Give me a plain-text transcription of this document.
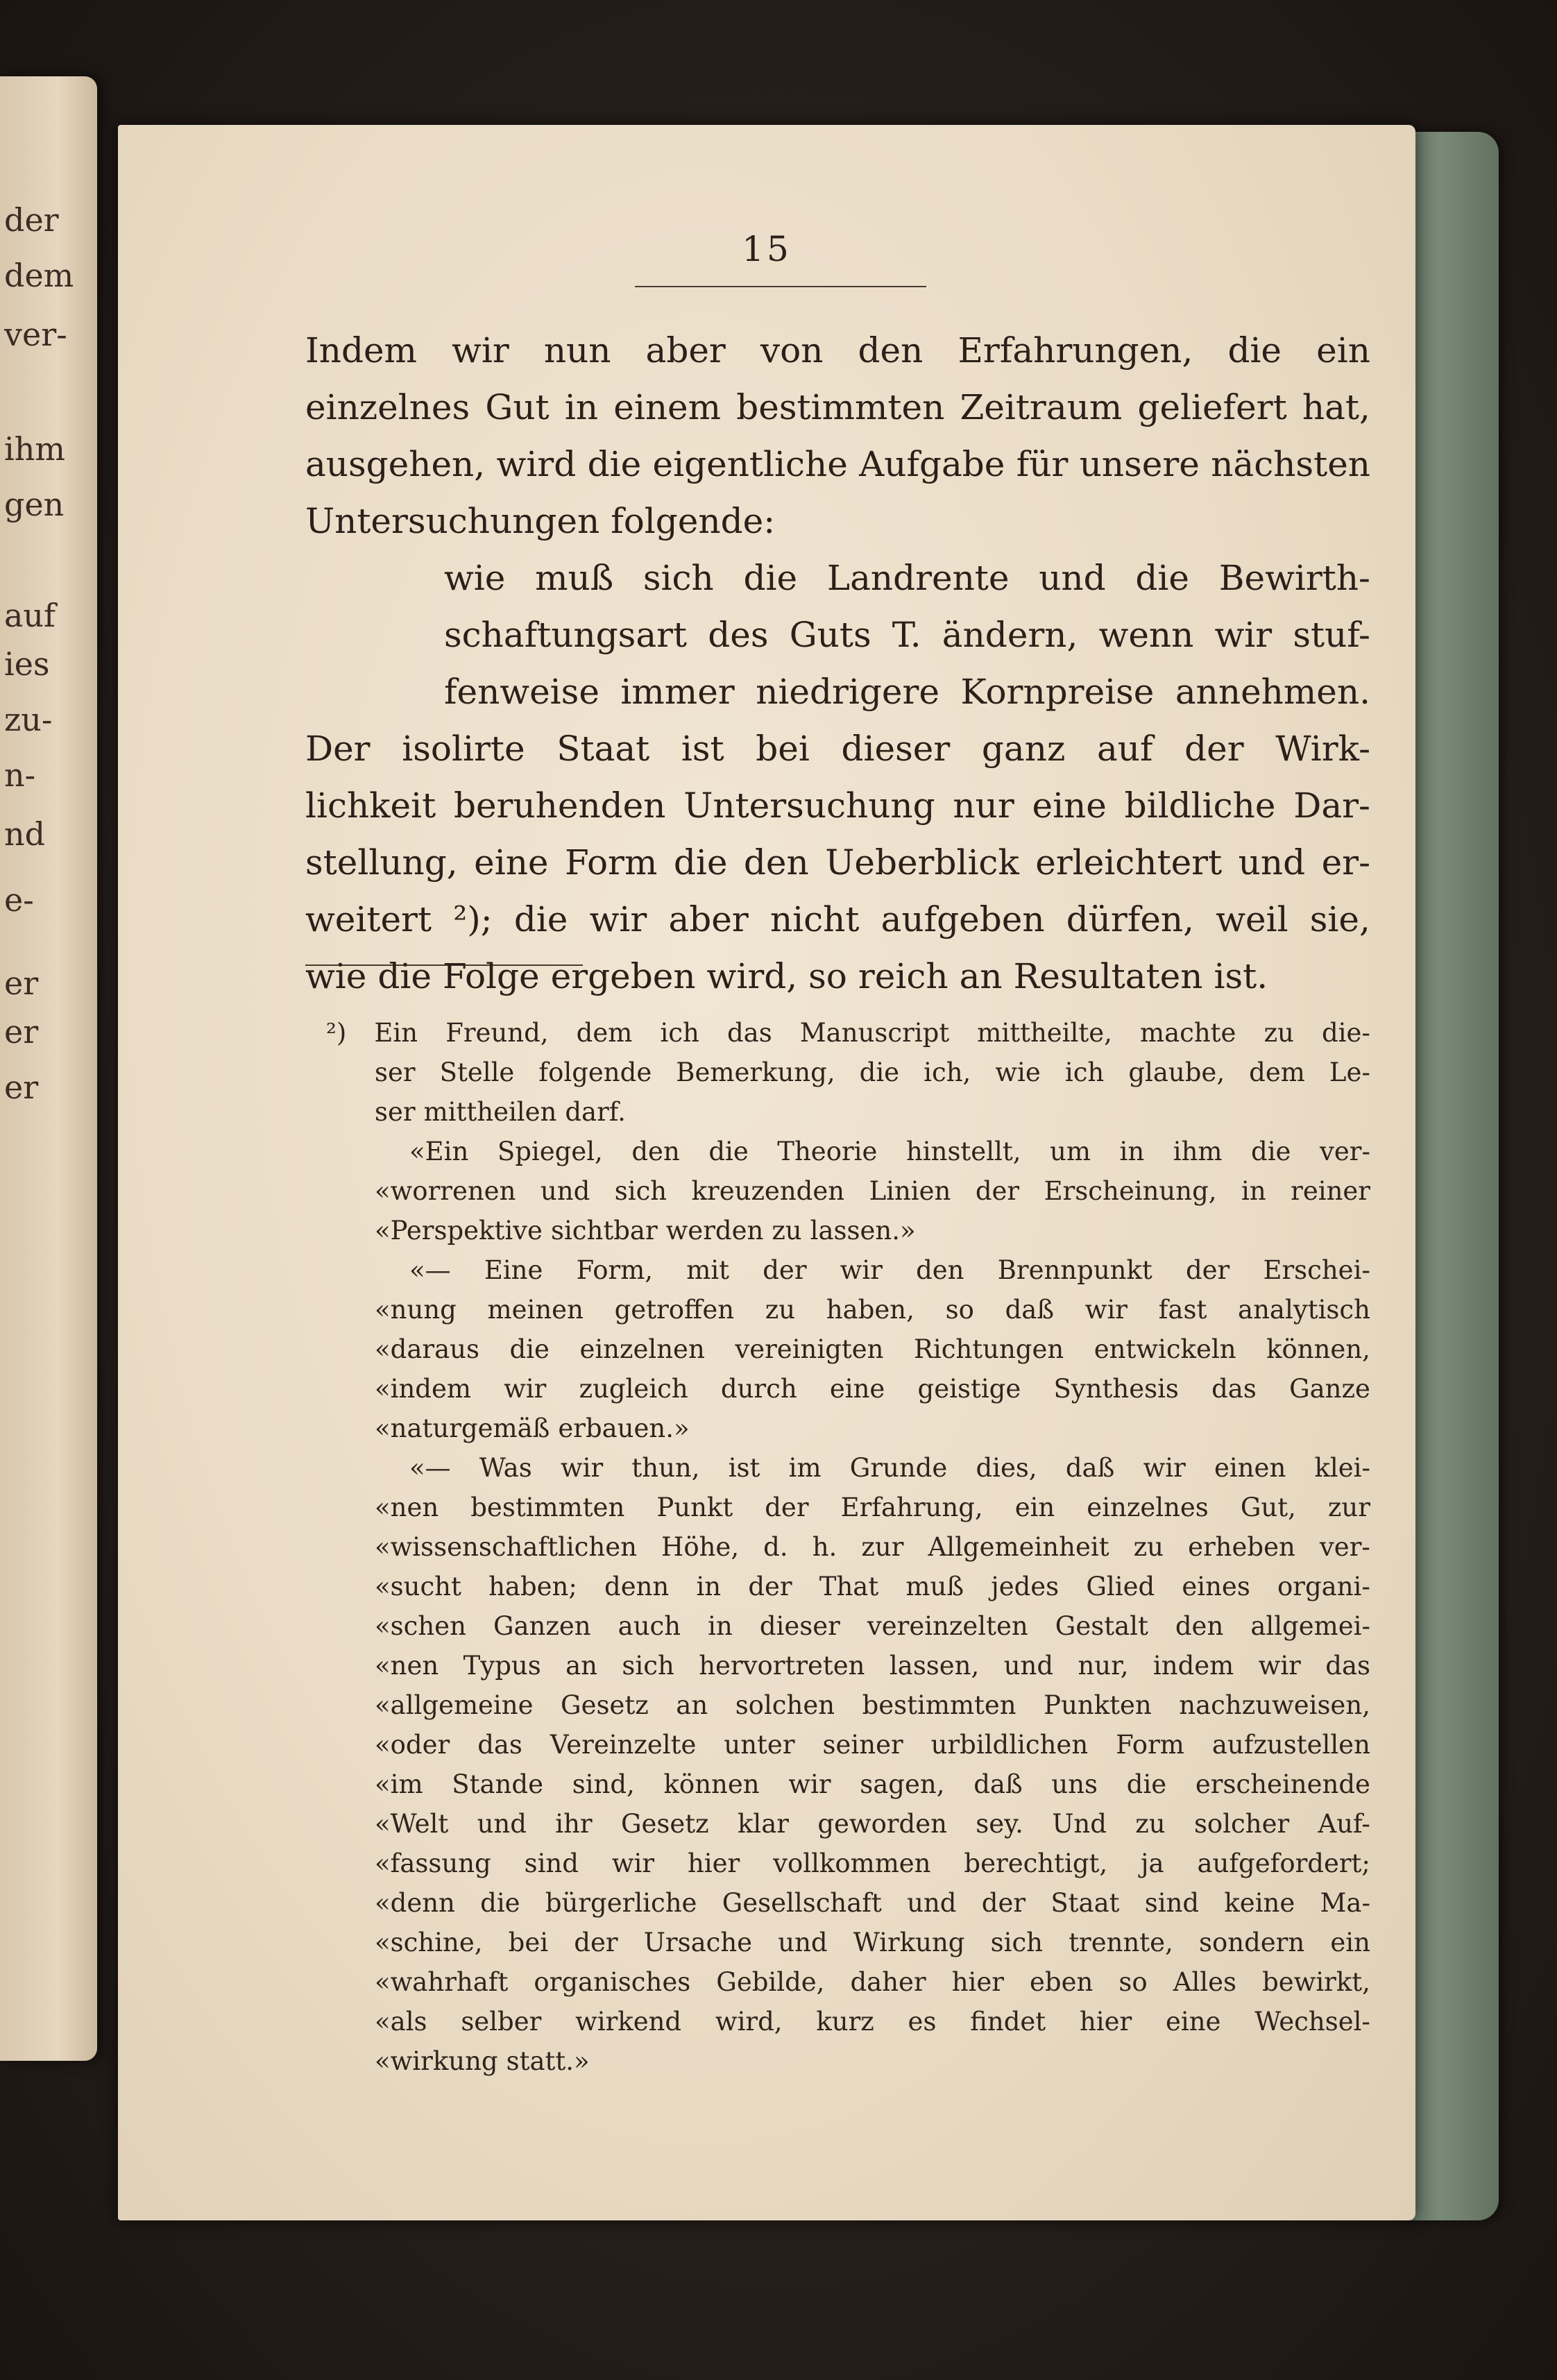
der
dem
ver-
ihm
gen
auf
ies
zu-
n-
nd
e-
er
er
er
15
Indem wir nun aber von den Erfahrungen, die ein
einzelnes Gut in einem bestimmten Zeitraum geliefert hat,
ausgehen, wird die eigentliche Aufgabe für unsere nächsten
Untersuchungen folgende:
wie muß sich die Landrente und die Bewirth-
schaftungsart des Guts T. ändern, wenn wir stuf-
fenweise immer niedrigere Kornpreise annehmen.
Der isolirte Staat ist bei dieser ganz auf der Wirk-
lichkeit beruhenden Untersuchung nur eine bildliche Dar-
stellung, eine Form die den Ueberblick erleichtert und er-
weitert ²); die wir aber nicht aufgeben dürfen, weil sie,
wie die Folge ergeben wird, so reich an Resultaten ist.
²) Ein Freund, dem ich das Manuscript mittheilte, machte zu die-
ser Stelle folgende Bemerkung, die ich, wie ich glaube, dem Le-
ser mittheilen darf.
«Ein Spiegel, den die Theorie hinstellt, um in ihm die ver-
«worrenen und sich kreuzenden Linien der Erscheinung, in reiner
«Perspektive sichtbar werden zu lassen.»
«— Eine Form, mit der wir den Brennpunkt der Erschei-
«nung meinen getroffen zu haben, so daß wir fast analytisch
«daraus die einzelnen vereinigten Richtungen entwickeln können,
«indem wir zugleich durch eine geistige Synthesis das Ganze
«naturgemäß erbauen.»
«— Was wir thun, ist im Grunde dies, daß wir einen klei-
«nen bestimmten Punkt der Erfahrung, ein einzelnes Gut, zur
«wissenschaftlichen Höhe, d. h. zur Allgemeinheit zu erheben ver-
«sucht haben; denn in der That muß jedes Glied eines organi-
«schen Ganzen auch in dieser vereinzelten Gestalt den allgemei-
«nen Typus an sich hervortreten lassen, und nur, indem wir das
«allgemeine Gesetz an solchen bestimmten Punkten nachzuweisen,
«oder das Vereinzelte unter seiner urbildlichen Form aufzustellen
«im Stande sind, können wir sagen, daß uns die erscheinende
«Welt und ihr Gesetz klar geworden sey. Und zu solcher Auf-
«fassung sind wir hier vollkommen berechtigt, ja aufgefordert;
«denn die bürgerliche Gesellschaft und der Staat sind keine Ma-
«schine, bei der Ursache und Wirkung sich trennte, sondern ein
«wahrhaft organisches Gebilde, daher hier eben so Alles bewirkt,
«als selber wirkend wird, kurz es findet hier eine Wechsel-
«wirkung statt.»
